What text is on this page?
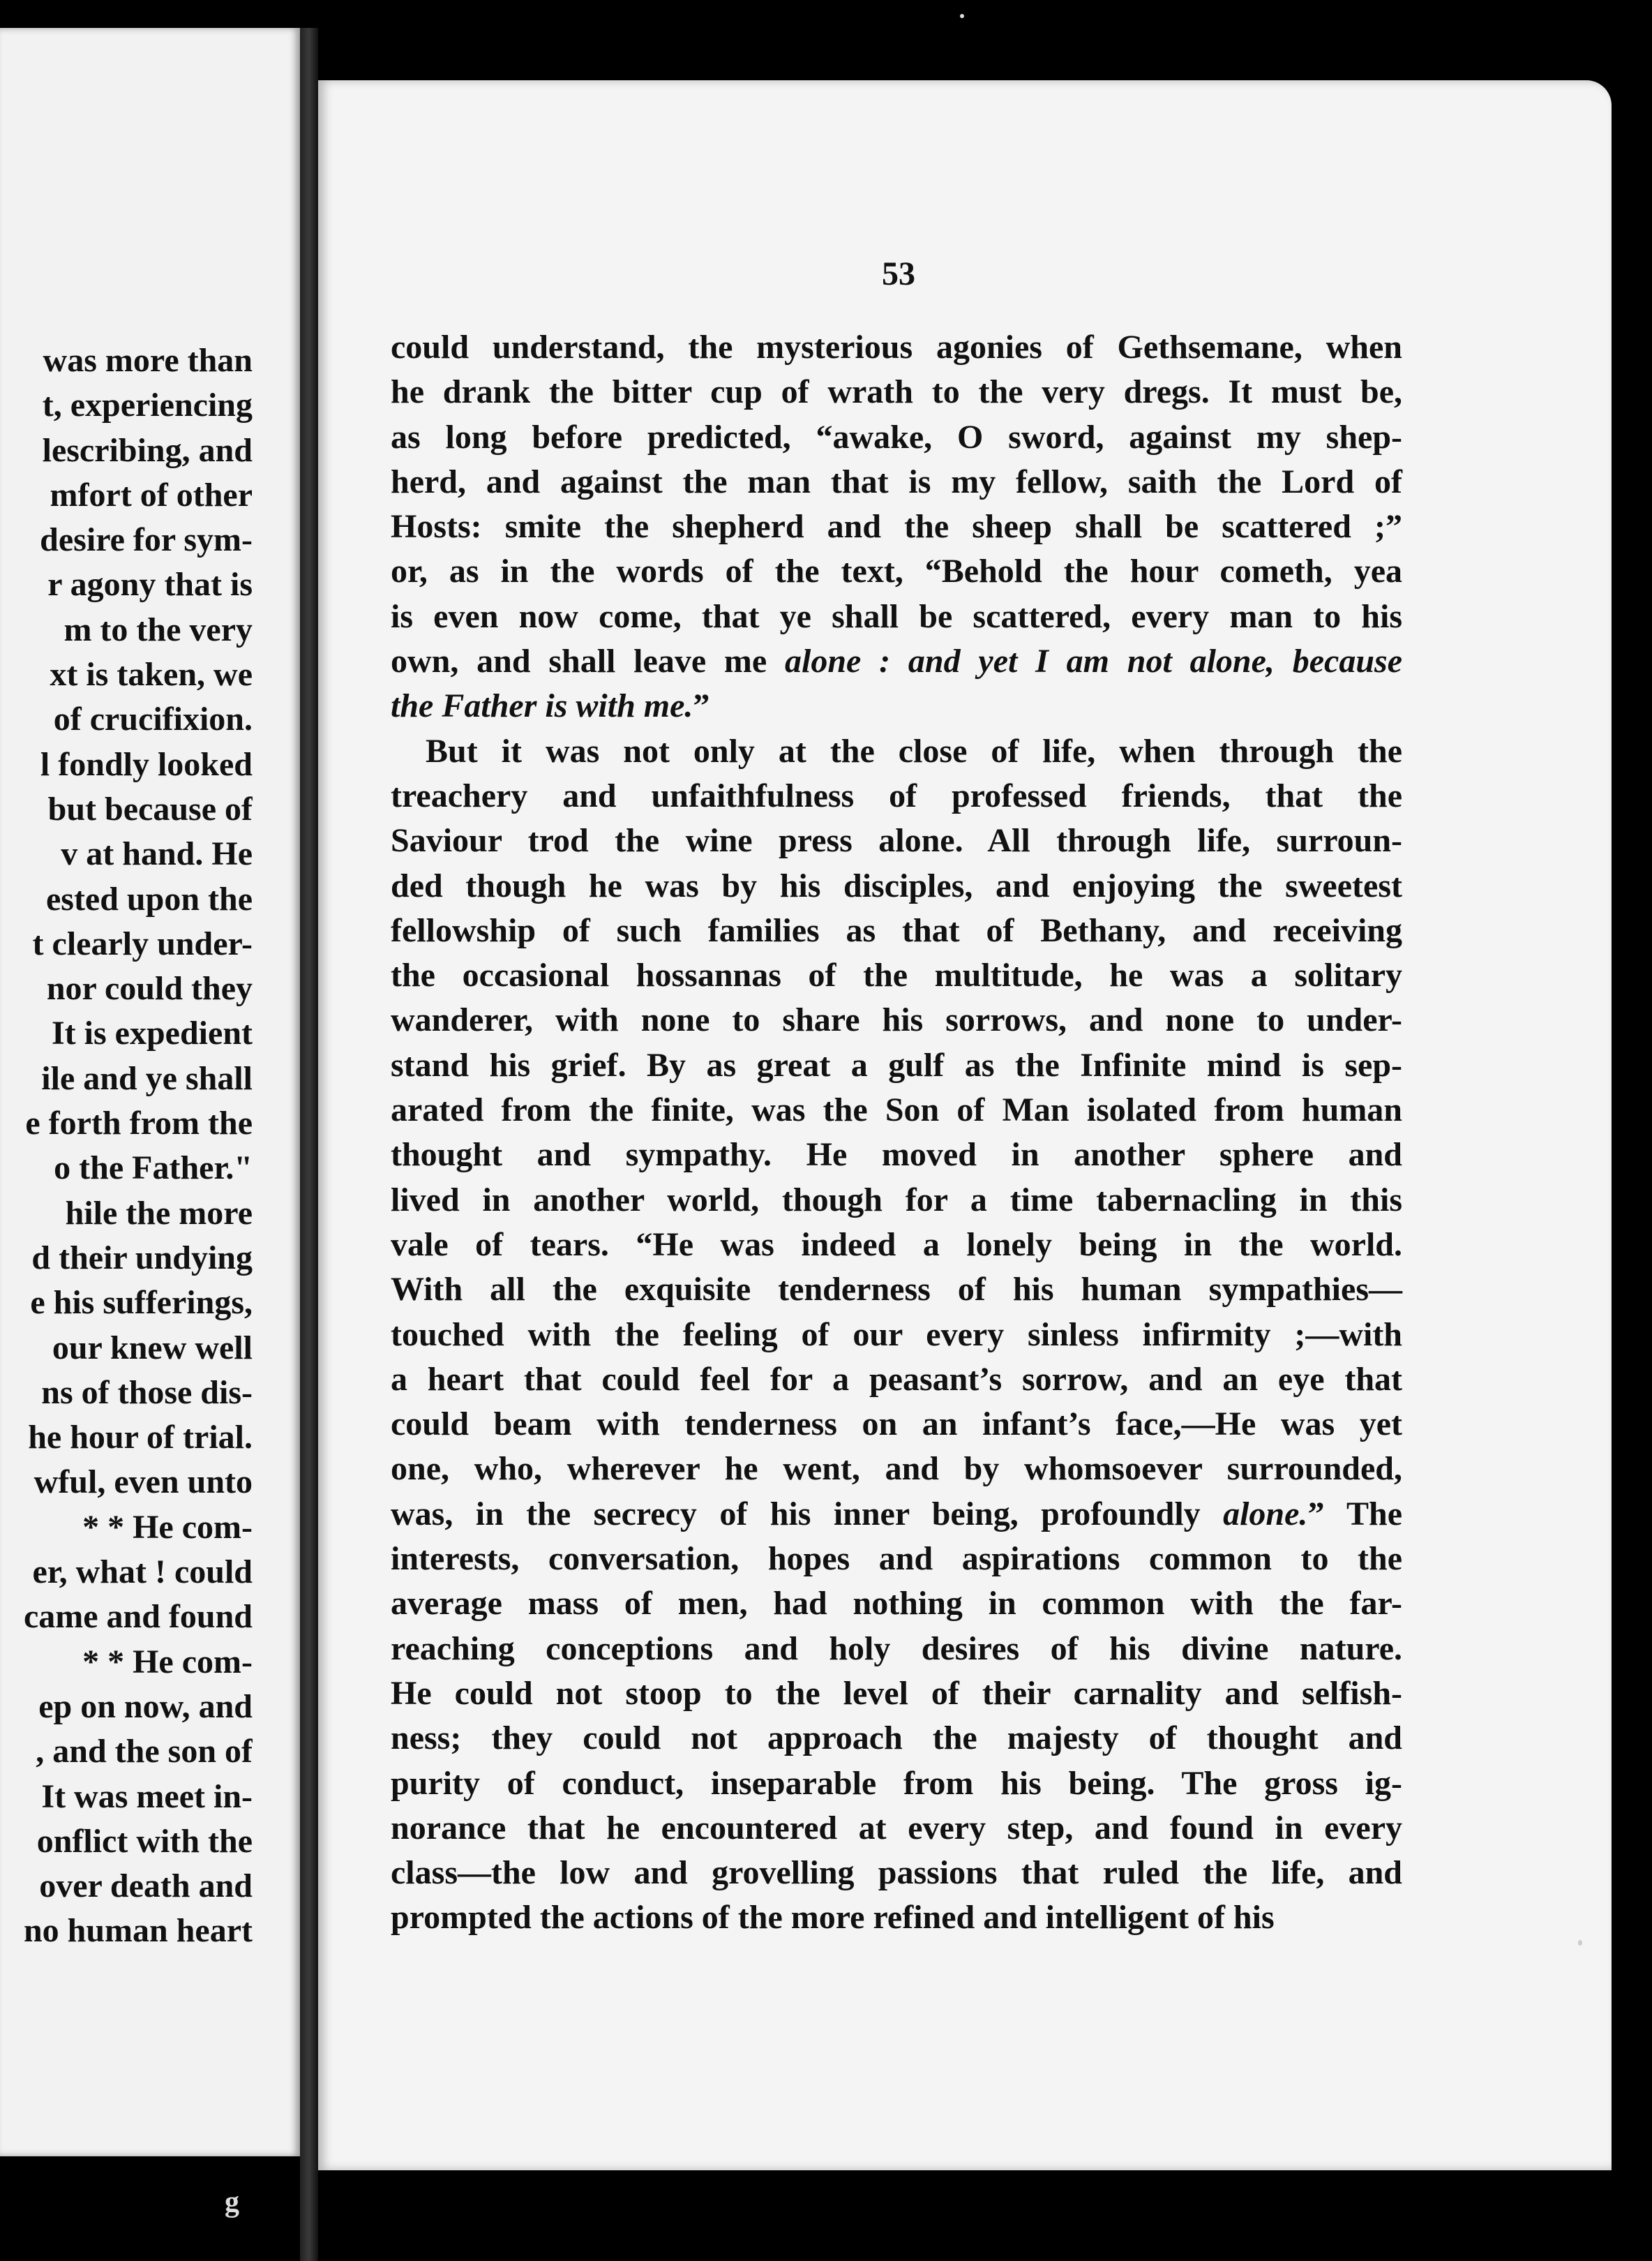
was more than
t, experiencing
lescribing, and
mfort of other
desire for sym-
r agony that is
m to the very
xt is taken, we
of crucifixion.
l fondly looked
but because of
v at hand. He
ested upon the
t clearly under-
nor could they
It is expedient
ile and ye shall
e forth from the
o the Father."
hile the more
d their undying
e his sufferings,
our knew well
ns of those dis-
he hour of trial.
wful, even unto
* * He com-
er, what ! could
came and found
* * He com-
ep on now, and
, and the son of
It was meet in-
onflict with the
over death and
no human heart
g
53
could understand, the mysterious agonies of Gethsemane, when
he drank the bitter cup of wrath to the very dregs. It must be,
as long before predicted, “awake, O sword, against my shep-
herd, and against the man that is my fellow, saith the Lord of
Hosts: smite the shepherd and the sheep shall be scattered ;”
or, as in the words of the text, “Behold the hour cometh, yea
is even now come, that ye shall be scattered, every man to his
own, and shall leave me alone : and yet I am not alone, because
the Father is with me.”
But it was not only at the close of life, when through the
treachery and unfaithfulness of professed friends, that the
Saviour trod the wine press alone. All through life, surroun-
ded though he was by his disciples, and enjoying the sweetest
fellowship of such families as that of Bethany, and receiving
the occasional hossannas of the multitude, he was a solitary
wanderer, with none to share his sorrows, and none to under-
stand his grief. By as great a gulf as the Infinite mind is sep-
arated from the finite, was the Son of Man isolated from human
thought and sympathy. He moved in another sphere and
lived in another world, though for a time tabernacling in this
vale of tears. “He was indeed a lonely being in the world.
With all the exquisite tenderness of his human sympathies—
touched with the feeling of our every sinless infirmity ;—with
a heart that could feel for a peasant’s sorrow, and an eye that
could beam with tenderness on an infant’s face,—He was yet
one, who, wherever he went, and by whomsoever surrounded,
was, in the secrecy of his inner being, profoundly alone.” The
interests, conversation, hopes and aspirations common to the
average mass of men, had nothing in common with the far-
reaching conceptions and holy desires of his divine nature.
He could not stoop to the level of their carnality and selfish-
ness; they could not approach the majesty of thought and
purity of conduct, inseparable from his being. The gross ig-
norance that he encountered at every step, and found in every
class—the low and grovelling passions that ruled the life, and
prompted the actions of the more refined and intelligent of his
